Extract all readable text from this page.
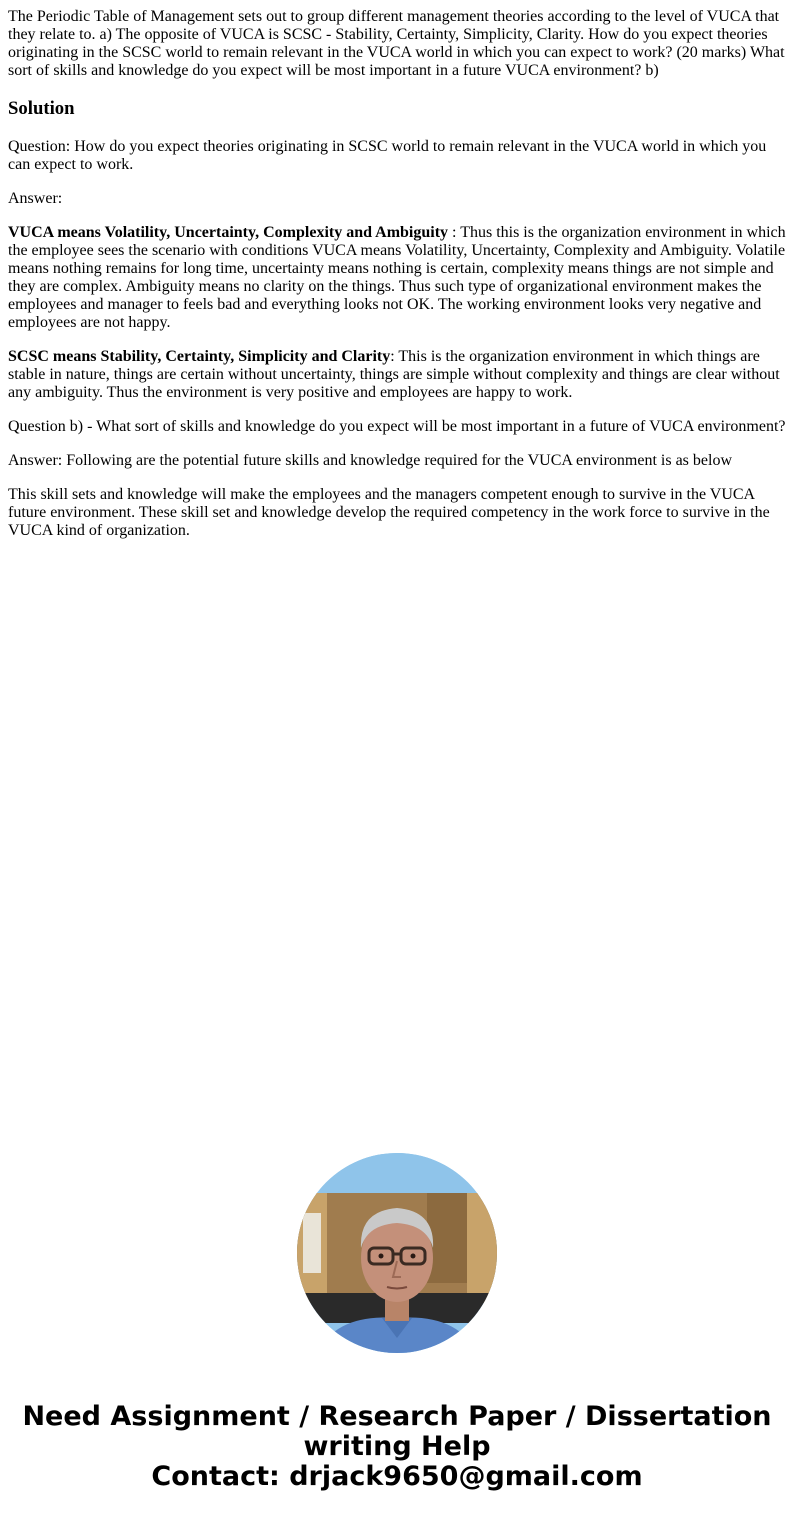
The Periodic Table of Management sets out to group different management theories according to the level of VUCA that they relate to. a) The opposite of VUCA is SCSC - Stability, Certainty, Simplicity, Clarity. How do you expect theories originating in the SCSC world to remain relevant in the VUCA world in which you can expect to work? (20 marks) What sort of skills and knowledge do you expect will be most important in a future VUCA environment? b)

Solution

Question: How do you expect theories originating in SCSC world to remain relevant in the VUCA world in which you can expect to work.

Answer:

VUCA means Volatility, Uncertainty, Complexity and Ambiguity : Thus this is the organization environment in which the employee sees the scenario with conditions VUCA means Volatility, Uncertainty, Complexity and Ambiguity. Volatile means nothing remains for long time, uncertainty means nothing is certain, complexity means things are not simple and they are complex. Ambiguity means no clarity on the things. Thus such type of organizational environment makes the employees and manager to feels bad and everything looks not OK. The working environment looks very negative and employees are not happy.

SCSC means Stability, Certainty, Simplicity and Clarity: This is the organization environment in which things are stable in nature, things are certain without uncertainty, things are simple without complexity and things are clear without any ambiguity. Thus the environment is very positive and employees are happy to work.

Question b) - What sort of skills and knowledge do you expect will be most important in a future of VUCA environment?

Answer: Following are the potential future skills and knowledge required for the VUCA environment is as below

This skill sets and knowledge will make the employees and the managers competent enough to survive in the VUCA future environment. These skill set and knowledge develop the required competency in the work force to survive in the VUCA kind of organization.

Need Assignment / Research Paper / Dissertation
writing Help
Contact: drjack9650@gmail.com
